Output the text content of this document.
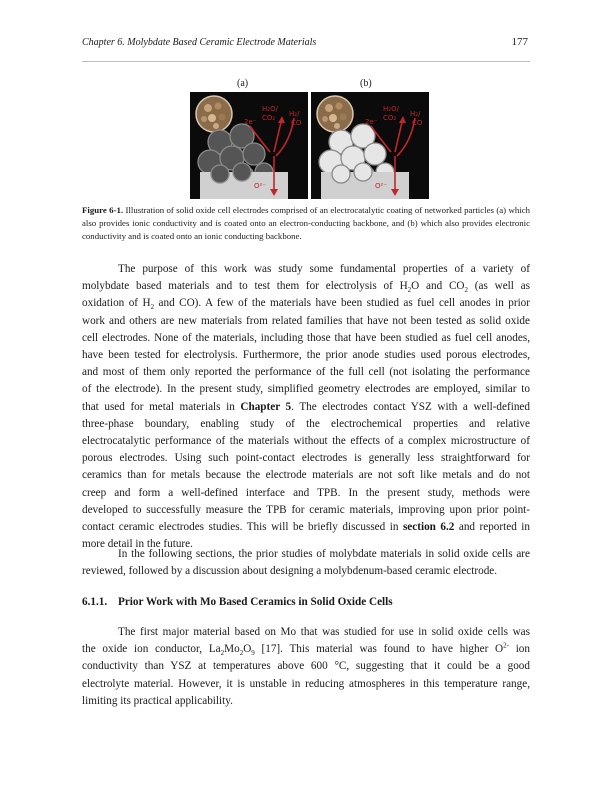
Chapter 6. Molybdate Based Ceramic Electrode Materials	177
(a)	(b)
2e⁻
H₂O/
CO₂ H₂/
CO
O²⁻
2e⁻
H₂O/
CO₂ H₂/
CO
O²⁻
Figure 6-1. Illustration of solid oxide cell electrodes comprised of an electrocatalytic coating of networked particles (a) which also provides ionic conductivity and is coated onto an electron-conducting backbone, and (b) which also provides electronic conductivity and is coated onto an ionic conducting backbone.
The purpose of this work was study some fundamental properties of a variety of
molybdate based materials and to test them for electrolysis of $H_2O$ and $CO_2$ (as well as
oxidation of $H_2$ and CO). A few of the materials have been studied as fuel cell anodes in prior
work and others are new materials from related families that have not been tested as solid oxide
cell electrodes. None of the materials, including those that have been studied as fuel cell anodes,
have been tested for electrolysis. Furthermore, the prior anode studies used porous electrodes,
and most of them only reported the performance of the full cell (not isolating the performance
of the electrode). In the present study, simplified geometry electrodes are employed, similar to
that used for metal materials in Chapter 5. The electrodes contact YSZ with a well-defined
three-phase boundary, enabling study of the electrochemical properties and relative
electrocatalytic performance of the materials without the effects of a complex microstructure of
porous electrodes. Using such point-contact electrodes is generally less straightforward for
ceramics than for metals because the electrode materials are not soft like metals and do not
creep and form a well-defined interface and TPB. In the present study, methods were
developed to successfully measure the TPB for ceramic materials, improving upon prior point-
contact ceramic electrodes studies. This will be briefly discussed in section 6.2 and reported in
more detail in the future.
In the following sections, the prior studies of molybdate materials in solid oxide cells are
reviewed, followed by a discussion about designing a molybdenum-based ceramic electrode.
6.1.1. Prior Work with Mo Based Ceramics in Solid Oxide Cells
The first major material based on Mo that was studied for use in solid oxide cells was
the oxide ion conductor, $La_2Mo_2O_9$ [17]. This material was found to have higher $O^{2-}$ ion
conductivity than YSZ at temperatures above 600 °C, suggesting that it could be a good
electrolyte material. However, it is unstable in reducing atmospheres in this temperature range,
limiting its practical applicability.
